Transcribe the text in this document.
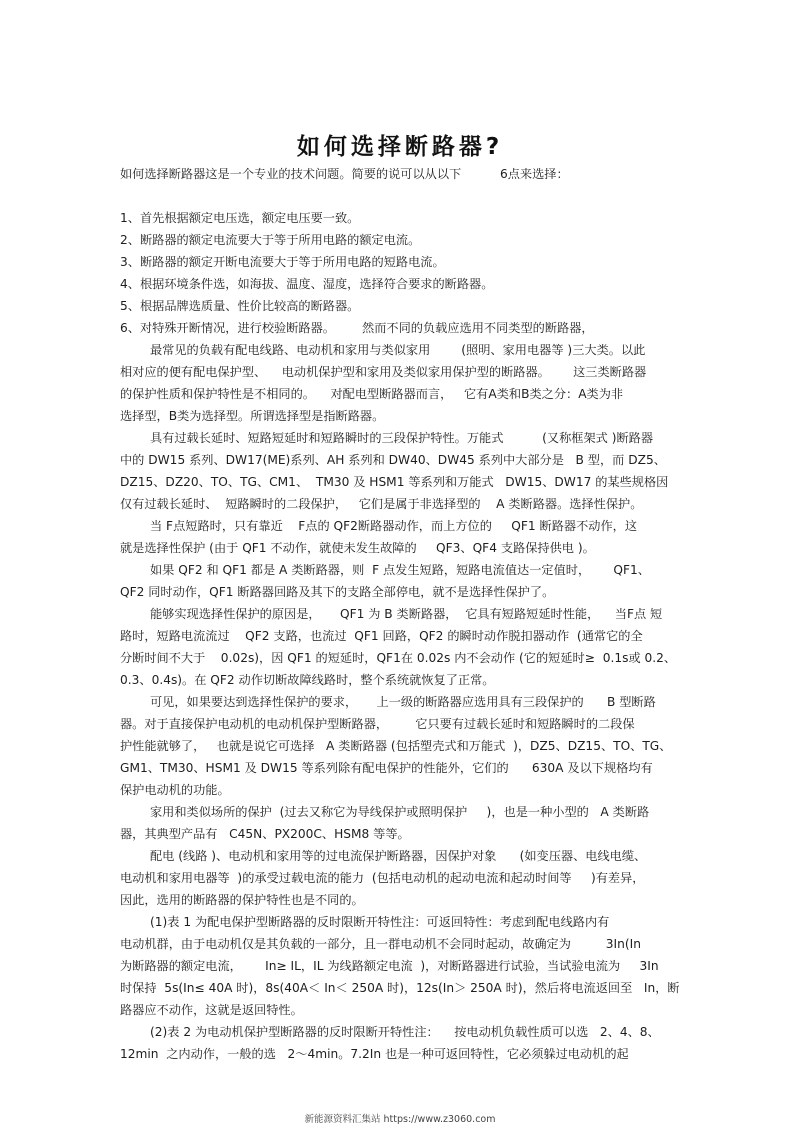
如何选择断路器?
如何选择断路器这是一个专业的技术问题。简要的说可以从以下          6点来选择：
1、首先根据额定电压选，额定电压要一致。
2、断路器的额定电流要大于等于所用电路的额定电流。
3、断路器的额定开断电流要大于等于所用电路的短路电流。
4、根据环境条件选，如海拔、温度、湿度，选择符合要求的断路器。
5、根据品牌选质量、性价比较高的断路器。
6、对特殊开断情况，进行校验断路器。       然而不同的负载应选用不同类型的断路器，
最常见的负载有配电线路、电动机和家用与类似家用        (照明、家用电器等 )三大类。以此
相对应的便有配电保护型、    电动机保护型和家用及类似家用保护型的断路器。      这三类断路器
的保护性质和保护特性是不相同的。    对配电型断路器而言，   它有A类和B类之分：A类为非
选择型，B类为选择型。所谓选择型是指断路器。
具有过载长延时、短路短延时和短路瞬时的三段保护特性。万能式          (又称框架式 )断路器
中的 DW15 系列、DW17(ME)系列、AH 系列和 DW40、DW45 系列中大部分是   B 型，而 DZ5、
DZ15、DZ20、TO、TG、CM1、  TM30 及 HSM1 等系列和万能式   DW15、DW17 的某些规格因
仅有过载长延时、  短路瞬时的二段保护，   它们是属于非选择型的    A 类断路器。选择性保护。
当 F点短路时，只有靠近    F点的 QF2断路器动作，而上方位的     QF1 断路器不动作，这
就是选择性保护 (由于 QF1 不动作，就使未发生故障的     QF3、QF4 支路保持供电 )。
如果 QF2 和 QF1 都是 A 类断路器，则  F 点发生短路，短路电流值达一定值时，      QF1、
QF2 同时动作，QF1 断路器回路及其下的支路全部停电，就不是选择性保护了。
能够实现选择性保护的原因是，     QF1 为 B 类断路器，  它具有短路短延时性能，    当F点 短
路时，短路电流流过    QF2 支路，也流过  QF1 回路，QF2 的瞬时动作脱扣器动作  (通常它的全
分断时间不大于    0.02s)，因 QF1 的短延时，QF1在 0.02s 内不会动作 (它的短延时≥  0.1s或 0.2、
0.3、0.4s)。在 QF2 动作切断故障线路时，整个系统就恢复了正常。
可见，如果要达到选择性保护的要求，     上一级的断路器应选用具有三段保护的      B 型断路
器。对于直接保护电动机的电动机保护型断路器，       它只要有过载长延时和短路瞬时的二段保
护性能就够了，   也就是说它可选择   A 类断路器 (包括塑壳式和万能式  )，DZ5、DZ15、TO、TG、
GM1、TM30、HSM1 及 DW15 等系列除有配电保护的性能外，它们的      630A 及以下规格均有
保护电动机的功能。
家用和类似场所的保护  (过去又称它为导线保护或照明保护     )，也是一种小型的   A 类断路
器，其典型产品有   C45N、PX200C、HSM8 等等。
配电 (线路 )、电动机和家用等的过电流保护断路器，因保护对象      (如变压器、电线电缆、
电动机和家用电器等  )的承受过载电流的能力  (包括电动机的起动电流和起动时间等     )有差异，
因此，选用的断路器的保护特性也是不同的。
(1)表 1 为配电保护型断路器的反时限断开特性注：可返回特性：考虑到配电线路内有
电动机群，由于电动机仅是其负载的一部分，且一群电动机不会同时起动，故确定为         3In(In
为断路器的额定电流，      In≥ IL，IL 为线路额定电流  )，对断路器进行试验，当试验电流为     3In
时保持  5s(In≤ 40A 时)，8s(40A＜ In＜ 250A 时)，12s(In＞ 250A 时)，然后将电流返回至   In，断
路器应不动作，这就是返回特性。
(2)表 2 为电动机保护型断路器的反时限断开特性注：    按电动机负载性质可以选   2、4、8、
12min  之内动作，一般的选   2～4min。7.2In 也是一种可返回特性，它必须躲过电动机的起
新能源资料汇集站 https://www.z3060.com
